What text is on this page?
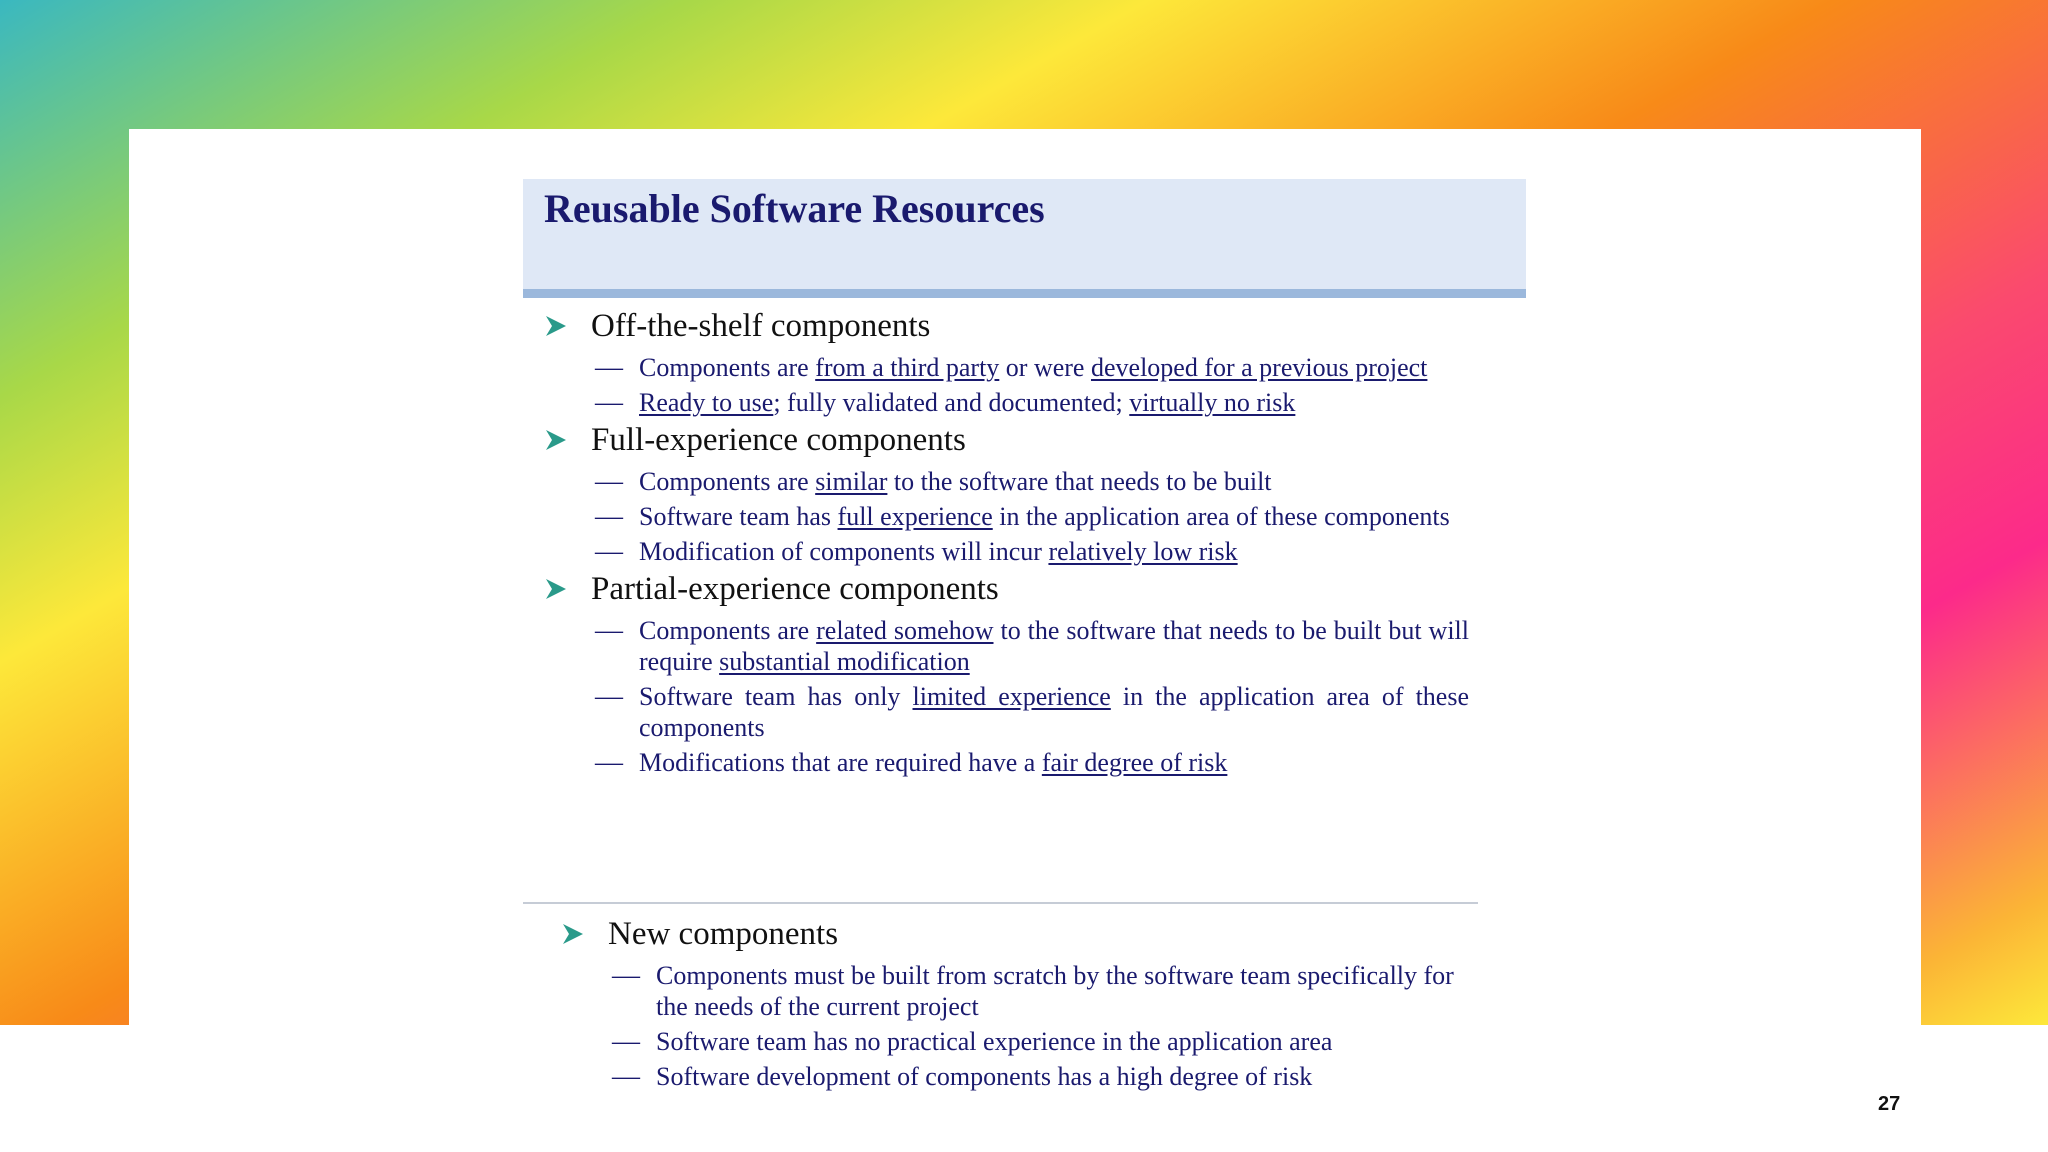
Reusable Software Resources
Off-the-shelf components
— Components are from a third party or were developed for a previous project
— Ready to use; fully validated and documented; virtually no risk
Full-experience components
— Components are similar to the software that needs to be built
— Software team has full experience in the application area of these components
— Modification of components will incur relatively low risk
Partial-experience components
— Components are related somehow to the software that needs to be built but will require substantial modification
— Software team has only limited experience in the application area of these components
— Modifications that are required have a fair degree of risk
New components
— Components must be built from scratch by the software team specifically for the needs of the current project
— Software team has no practical experience in the application area
— Software development of components has a high degree of risk
27
